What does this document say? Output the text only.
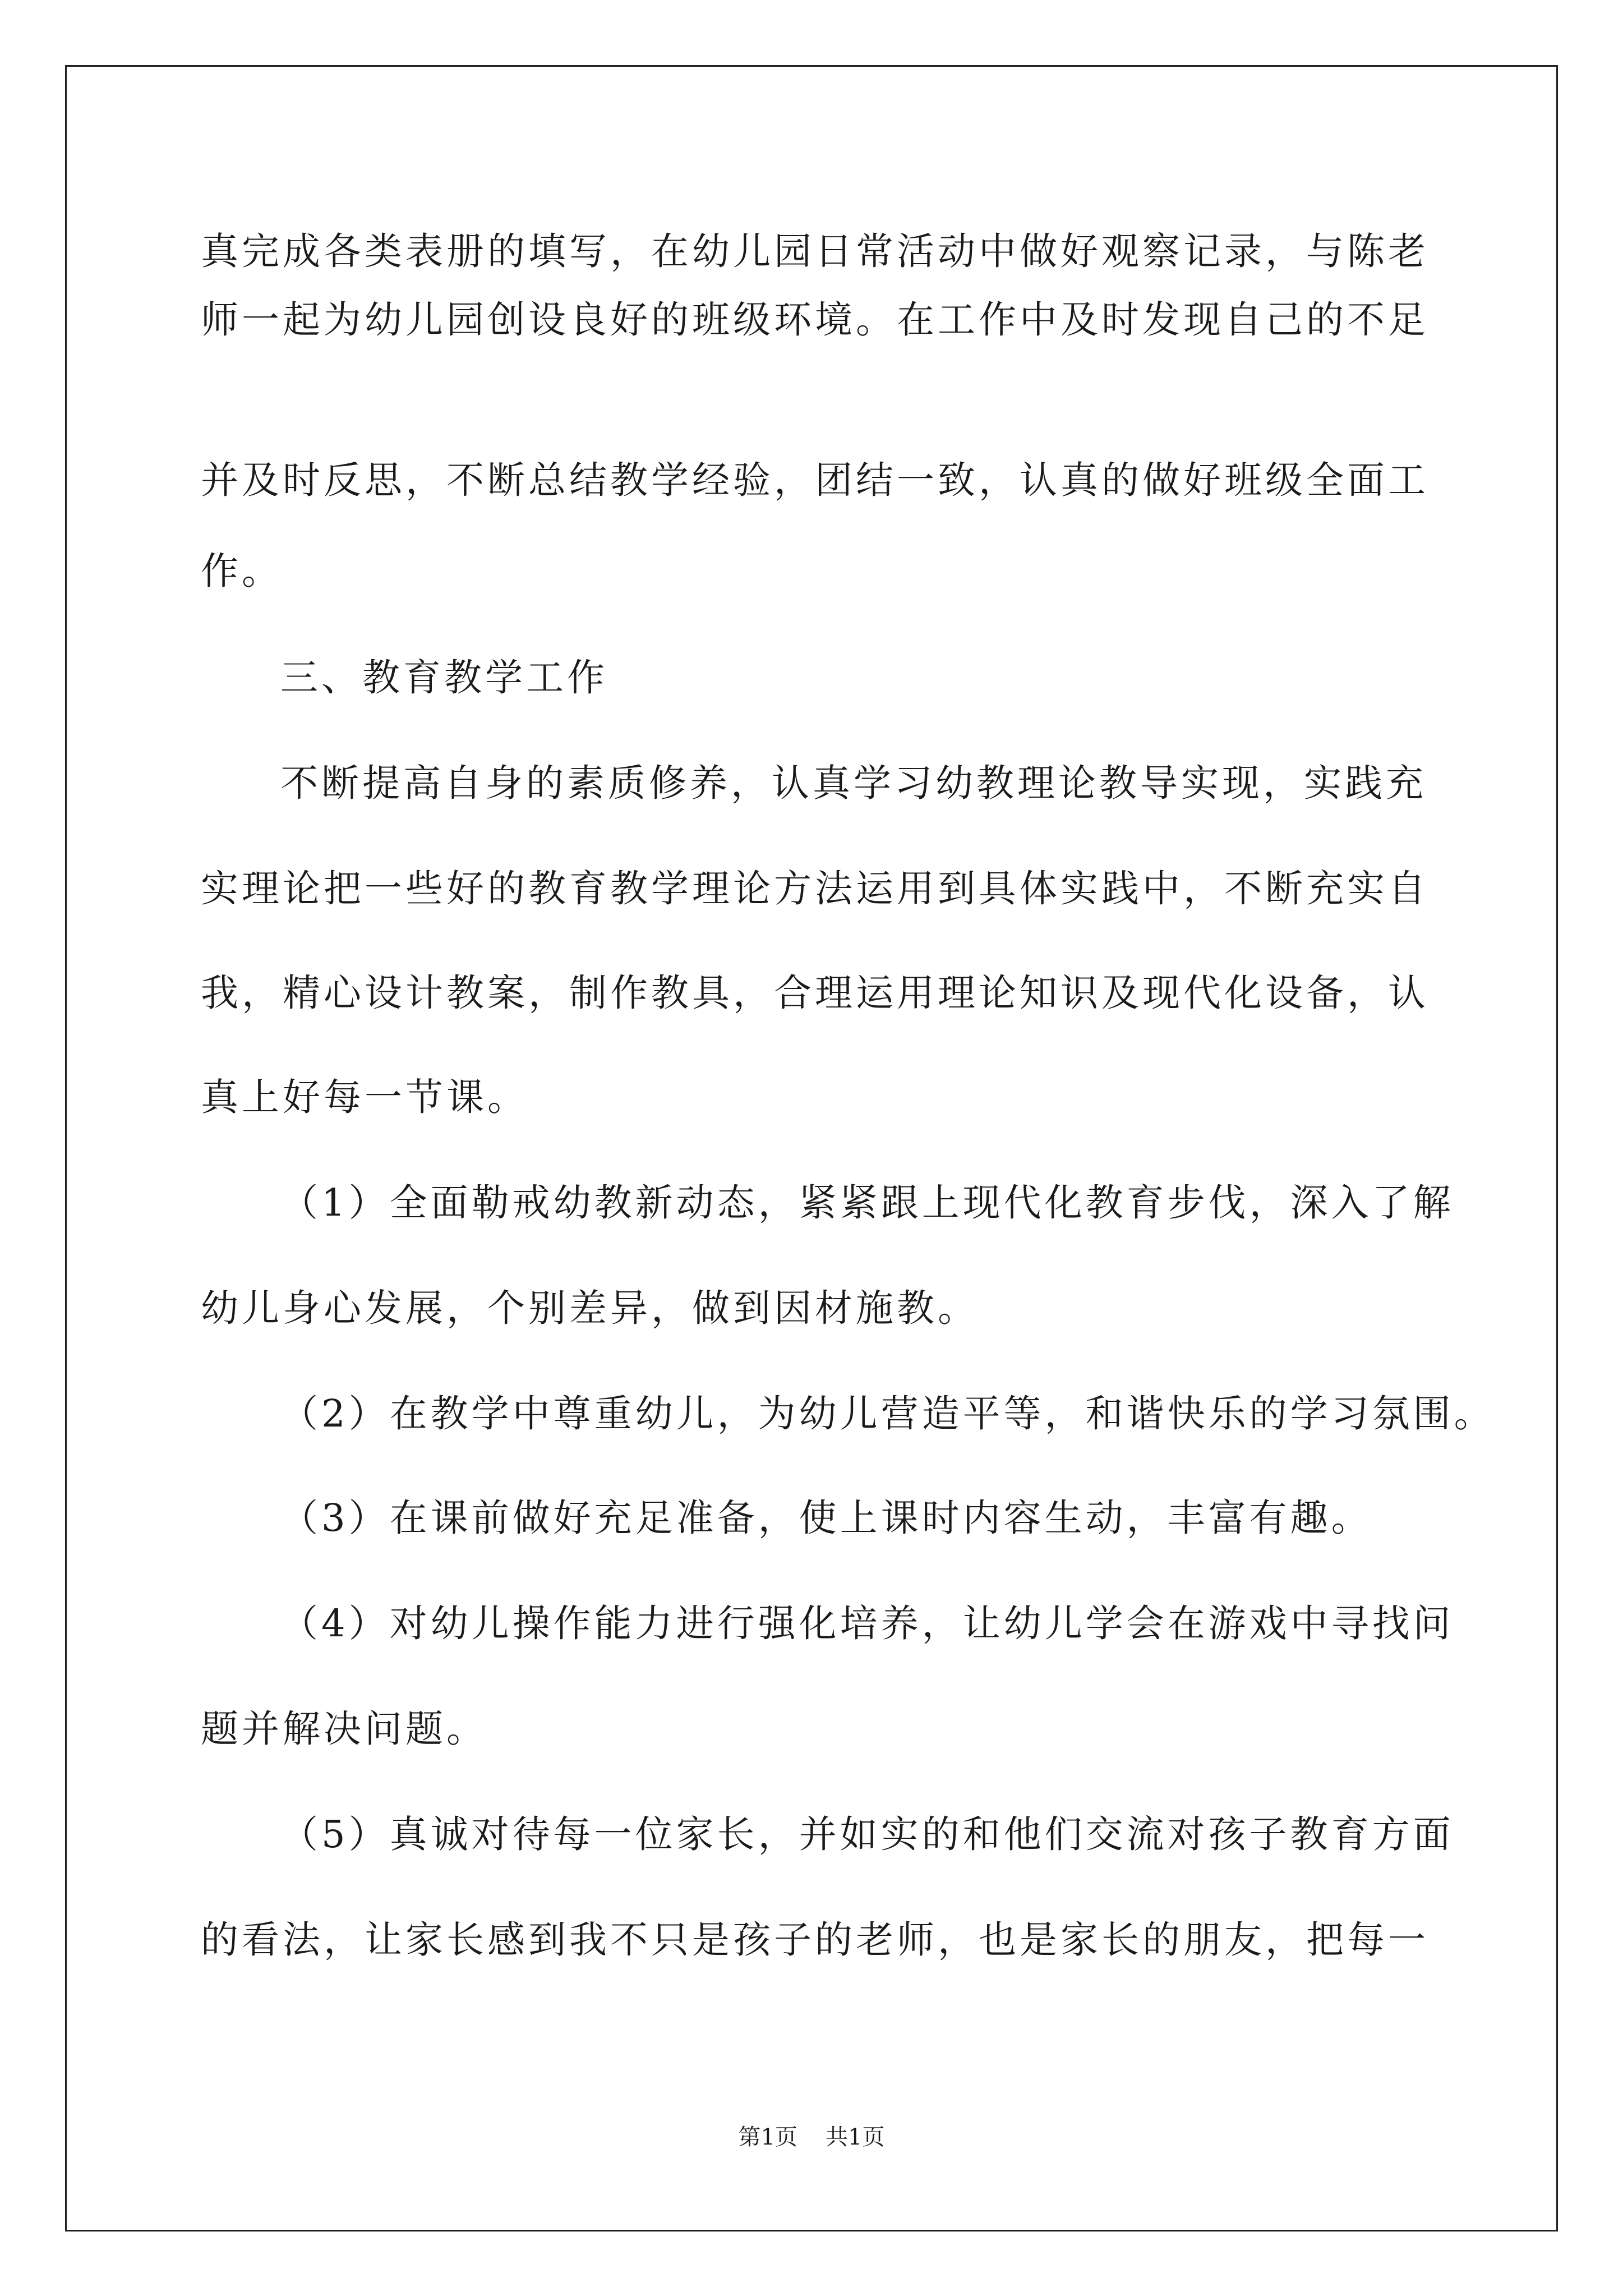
真完成各类表册的填写，在幼儿园日常活动中做好观察记录，与陈老

师一起为幼儿园创设良好的班级环境。在工作中及时发现自己的不足

并及时反思，不断总结教学经验，团结一致，认真的做好班级全面工

作。

三、教育教学工作

不断提高自身的素质修养，认真学习幼教理论教导实现，实践充

实理论把一些好的教育教学理论方法运用到具体实践中，不断充实自

我，精心设计教案，制作教具，合理运用理论知识及现代化设备，认

真上好每一节课。

（1）全面勒戒幼教新动态，紧紧跟上现代化教育步伐，深入了解

幼儿身心发展，个别差异，做到因材施教。

（2）在教学中尊重幼儿，为幼儿营造平等，和谐快乐的学习氛围。

（3）在课前做好充足准备，使上课时内容生动，丰富有趣。

（4）对幼儿操作能力进行强化培养，让幼儿学会在游戏中寻找问

题并解决问题。

（5）真诚对待每一位家长，并如实的和他们交流对孩子教育方面

的看法，让家长感到我不只是孩子的老师，也是家长的朋友，把每一

第1页 共1页
